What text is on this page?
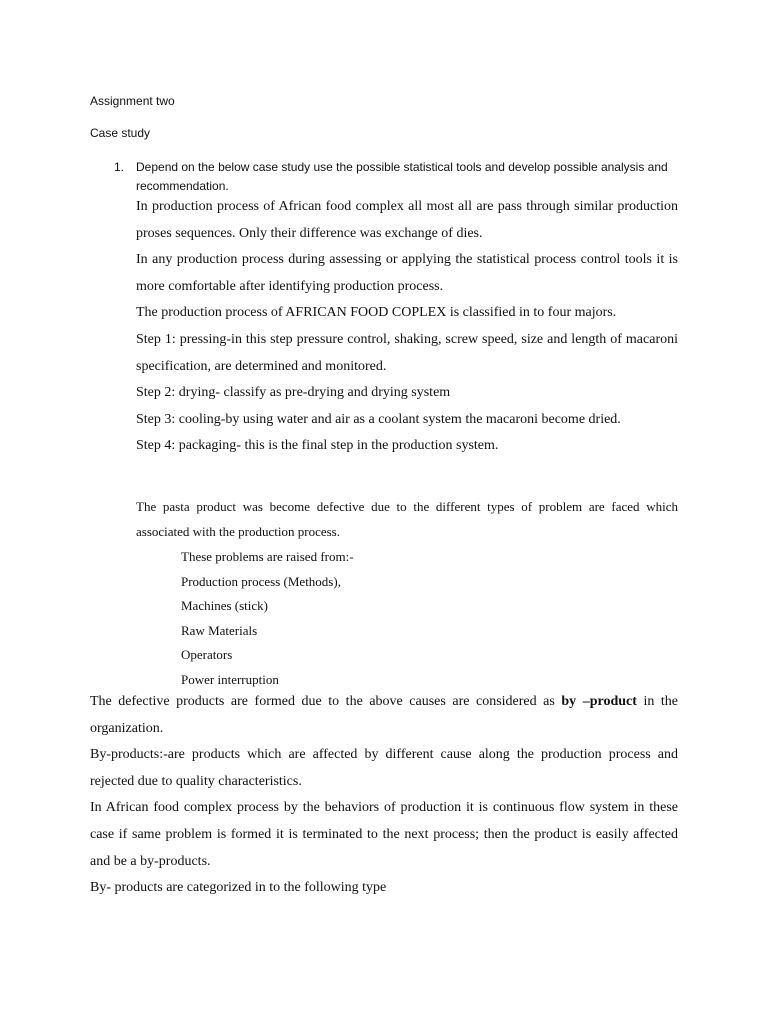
Assignment two
Case study
1. Depend on the below case study use the possible statistical tools and develop possible analysis and recommendation.

In production process of African food complex all most all are pass through similar production proses sequences. Only their difference was exchange of dies.

In any production process during assessing or applying the statistical process control tools it is more comfortable after identifying production process.

The production process of AFRICAN FOOD COPLEX is classified in to four majors.

Step 1: pressing-in this step pressure control, shaking, screw speed, size and length of macaroni specification, are determined and monitored.

Step 2: drying- classify as pre-drying and drying system

Step 3: cooling-by using water and air as a coolant system the macaroni become dried.

Step 4: packaging- this is the final step in the production system.

The pasta product was become defective due to the different types of problem are faced which associated with the production process.

These problems are raised from:-
Production process (Methods),
Machines (stick)
Raw Materials
Operators
Power interruption

The defective products are formed due to the above causes are considered as by –product in the organization.

By-products:-are products which are affected by different cause along the production process and rejected due to quality characteristics.

In African food complex process by the behaviors of production it is continuous flow system in these case if same problem is formed it is terminated to the next process; then the product is easily affected and be a by-products.

By- products are categorized in to the following type
